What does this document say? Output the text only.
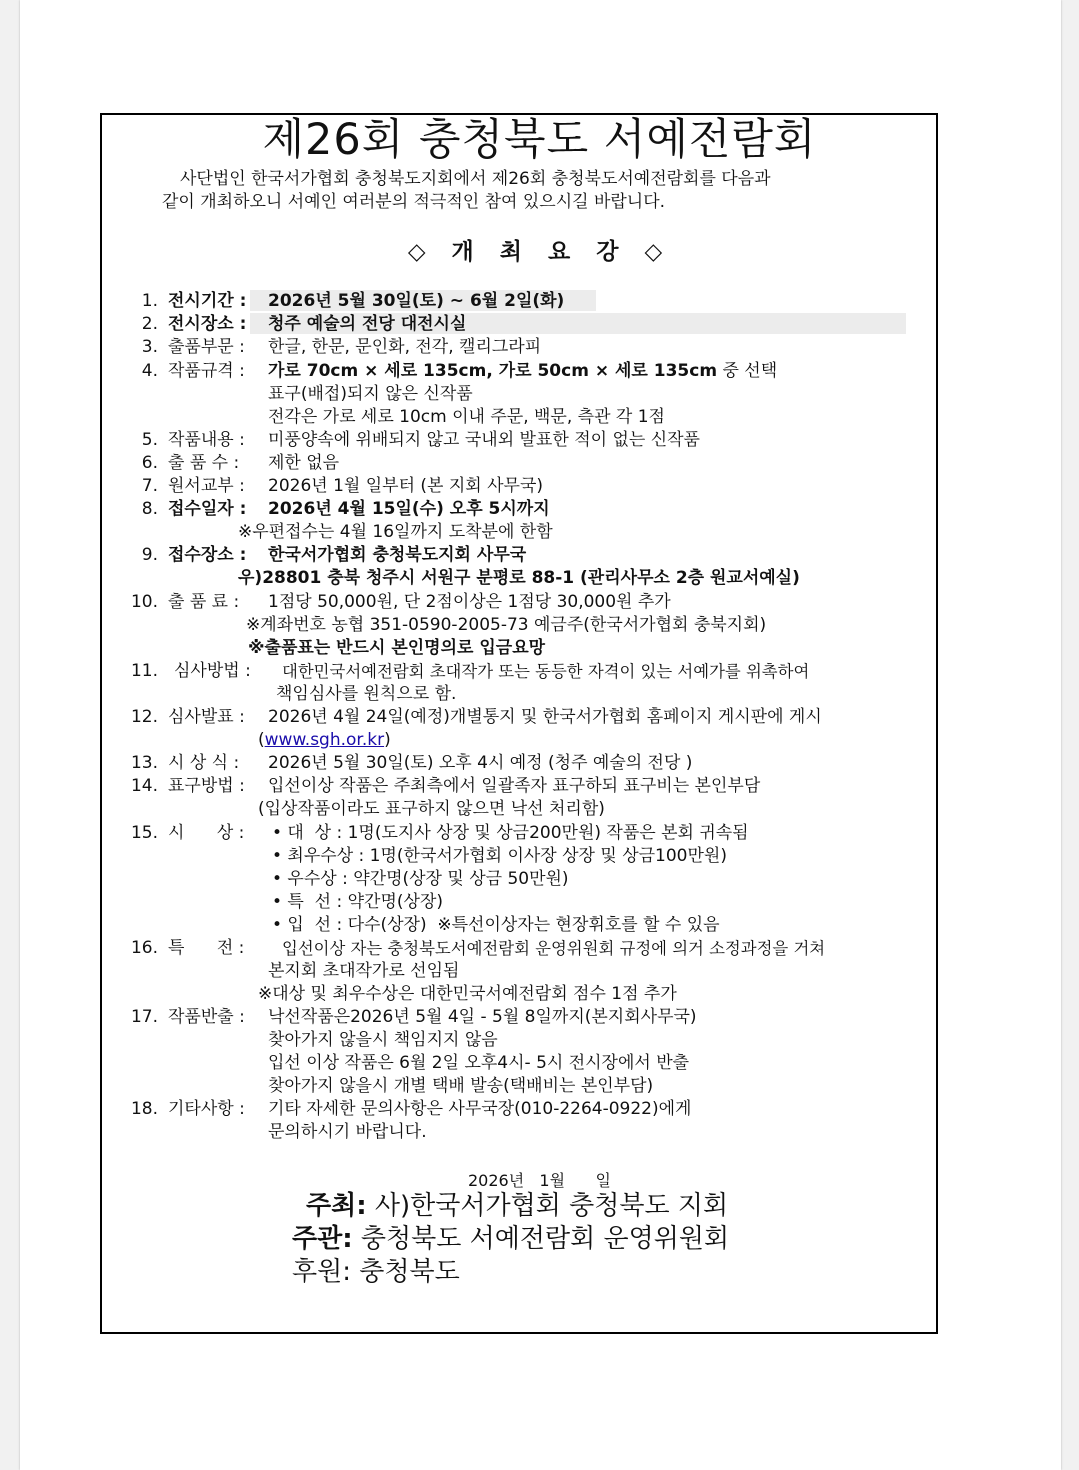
제26회 충청북도 서예전람회
사단법인 한국서가협회 충청북도지회에서 제26회 충청북도서예전람회를 다음과
같이 개최하오니 서예인 여러분의 적극적인 참여 있으시길 바랍니다.
◇ 개 최 요 강 ◇
1. 전시기간 : 2026년 5월 30일(토) ~ 6월 2일(화)
2. 전시장소 : 청주 예술의 전당 대전시실
3. 출품부문 : 한글, 한문, 문인화, 전각, 캘리그라피
4. 작품규격 : 가로 70cm × 세로 135cm, 가로 50cm × 세로 135cm 중 선택
표구(배접)되지 않은 신작품
전각은 가로 세로 10cm 이내 주문, 백문, 측관 각 1점
5. 작품내용 : 미풍양속에 위배되지 않고 국내외 발표한 적이 없는 신작품
6. 출 품 수 : 제한 없음
7. 원서교부 : 2026년 1월 일부터 (본 지회 사무국)
8. 접수일자 : 2026년 4월 15일(수) 오후 5시까지
※우편접수는 4월 16일까지 도착분에 한함
9. 접수장소 : 한국서가협회 충청북도지회 사무국
우)28801 충북 청주시 서원구 분평로 88-1 (관리사무소 2층 원교서예실)
10. 출 품 료 : 1점당 50,000원, 단 2점이상은 1점당 30,000원 추가
※계좌번호 농협 351-0590-2005-73 예금주(한국서가협회 충북지회)
※출품표는 반드시 본인명의로 입금요망
11. 심사방법 : 대한민국서예전람회 초대작가 또는 동등한 자격이 있는 서예가를 위촉하여
책임심사를 원칙으로 함.
12. 심사발표 : 2026년 4월 24일(예정)개별통지 및 한국서가협회 홈페이지 게시판에 게시
(www.sgh.or.kr)
13. 시 상 식 : 2026년 5월 30일(토) 오후 4시 예정 (청주 예술의 전당 )
14. 표구방법 : 입선이상 작품은 주최측에서 일괄족자 표구하되 표구비는 본인부담
(입상작품이라도 표구하지 않으면 낙선 처리함)
15. 시      상 : • 대  상 : 1명(도지사 상장 및 상금200만원) 작품은 본회 귀속됨
• 최우수상 : 1명(한국서가협회 이사장 상장 및 상금100만원)
• 우수상 : 약간명(상장 및 상금 50만원)
• 특  선 : 약간명(상장)
• 입  선 : 다수(상장)  ※특선이상자는 현장휘호를 할 수 있음
16. 특      전 : 입선이상 자는 충청북도서예전람회 운영위원회 규정에 의거 소정과정을 거쳐
본지회 초대작가로 선임됨
※대상 및 최우수상은 대한민국서예전람회 점수 1점 추가
17. 작품반출 : 낙선작품은2026년 5월 4일 - 5월 8일까지(본지회사무국)
찾아가지 않을시 책임지지 않음
입선 이상 작품은 6월 2일 오후4시- 5시 전시장에서 반출
찾아가지 않을시 개별 택배 발송(택배비는 본인부담)
18. 기타사항 : 기타 자세한 문의사항은 사무국장(010-2264-0922)에게
문의하시기 바랍니다.
2026년   1월      일
주최: 사)한국서가협회 충청북도 지회
주관: 충청북도 서예전람회 운영위원회
후원: 충청북도
